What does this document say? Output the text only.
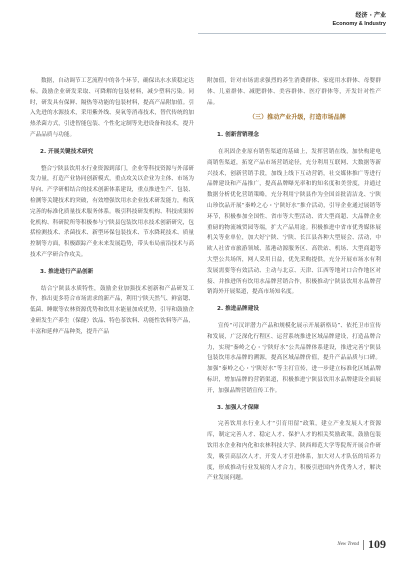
经济 · 产业
Economy & Industry

数据，自动调节工艺流程中的各个环节，确保出水水质稳定达标。鼓励企业研发采取、可降解的包装材料，减少塑料污染。同时，研发具有保鲜、隔热等功能的包装材料，提高产品附加值。引入先进的水源技术，采用紫外线、臭氧等消毒技术，替代传统的加热杀菌方式，引进智能包装、个性化定制等先进设备和技术，提升产品品质与功能。

2. 开展关键技术研究

整合宁陕县饮用水行业资源到部门，企业等科技资源与外部研发力量，打造产业协同创新模式，重点攻关以企业为主体、市场为导向、产学研相结合的技术创新体系建设，重点推进生产、包装、检测等关键技术的突破，有效增强饮用水企业技术研发能力，构筑完善的标准化质量技术服务体系。吸引科技研发机构、科技成果转化机构、科研院所等积极参与宁陕县包装饮用水技术创新研究，包括检测技术、杀菌技术、新型环保包装技术、节水降耗技术、质量控制等方面，积极跟踪产业未来发展趋势，带头布局前沿技术与高技术产学研合作攻关。

3. 推进进行产品创新

结合宁陕县水质特性，鼓励企业加强技术创新和产品研发工作，推出更多符合市场需求的新产品，利用宁陕天然气、鲜富锶、低菌、睡眠等农林资源优势和饮用水能量加成优势，引导和鼓励企业研发生产养生（保健）饮品、特色茶饮料、功能性饮料等产品，丰富和延伸产品种类，提升产品

附加值，针对市场需求强烈的养生消费群体、家庭用水群体、母婴群体、儿童群体、减肥群体、美容群体、医疗群体等，开发针对性产品。

（三）推动产业升级，打造市场品牌
1. 创新营销理念

在巩固企业原有销售渠道的基础上，发挥营销在线，加快构建电商销售渠道，拓宽产品市场营销途径，充分利用互联网、大数据等新兴技术，创新营销手段，加线上线下互动营销，社交媒体推广等进行品牌建设和产品推广，提高品牌曝光率和的知名度和美誉度，并通过数据分析优化营销策略，充分利用宁陕县作为全国首批清洁龙、宁陕山珍饮品开展“秦岭之心・宁陕好水”推介活动，引导企业通过展销等环节，积极参加全国性、省市等大型活动、省大型商超、大品牌企业重磅的物流城贸园等端，扩大产品用途。积极推进中省市优秀媒体展机关等业单位，加大好宁陕、宁陕、长江县各种大型展会、活动，中欧人社省市旅游领域、蓝港动源服务区、高铁站、机场、大型商超等大型公共场所，网人采用日益，优先采购提供，充分开展市场水有利发展需要等有效活动、主动与北京、天津、江西等地对口合作地区对接、并推进所有饮用水品牌营销合作，积极推动宁陕县饮用水品牌营销海外开展渠道，提高市场知名度。

2. 推进品牌建设

宣传“可汉评潜力产品和规模化展示开展新格局”、依托卫市宣传和发展，广泛深化行程区、运营系统推进区域品牌建设，打造品牌合力，实现“秦岭之心・宁陕好水”公共品牌体系建设，推进完善宁陕县包装饮用水品牌的溯源，提高区域品牌价值，提升产品品质与口碑。加强“秦岭之心・宁陕好水”等主打宣传，进一步建立标准化区域品牌标识，增加品牌的营销渠道，积极推进宁陕县饮用水品牌建设全面展开，加强品牌营销宣传工作。

3. 加强人才保障

完善饮用水行业人才“引育用留”政策，建立产业发展人才资源库，制定完善人才、稳定人才、保护人才的相关奖励政策，鼓励包装饮用水企业和内化和农林科技大学、陕西师范大学等院所开展合作研发，吸引高层次人才，开发人才引进体系，加大对人才队伍的培养力度，形成推动行业发展的人才合力，积极引进国内外优秀人才，解决产业发展问题。

New Trend 109
